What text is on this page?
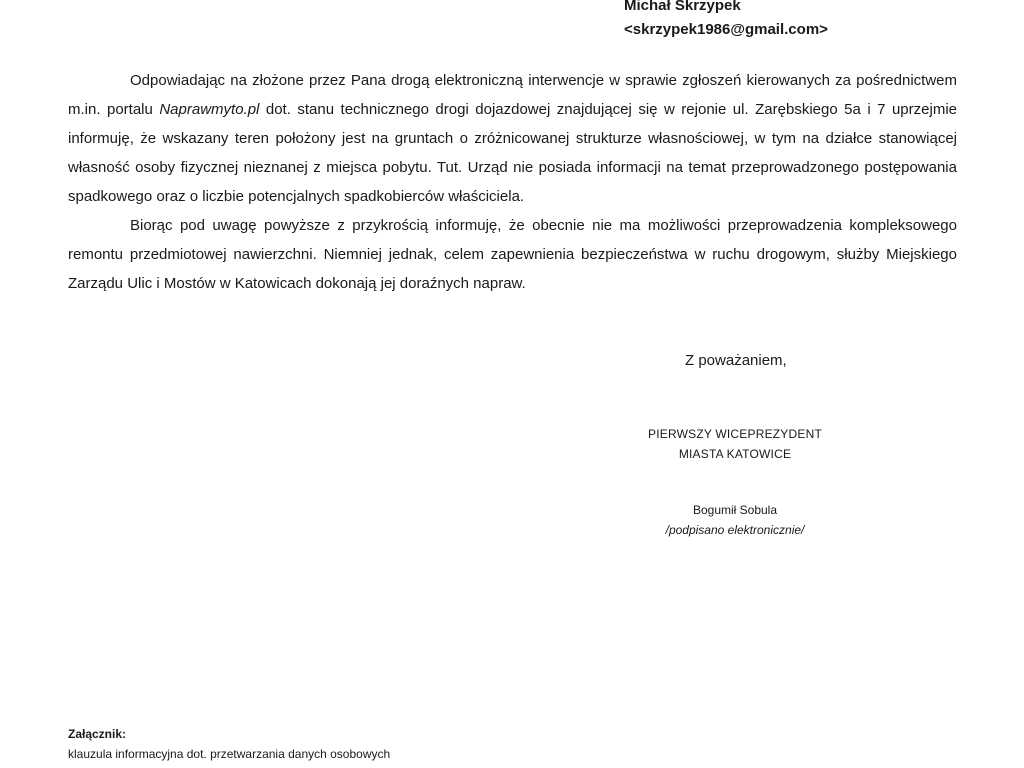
Michał Skrzypek
<skrzypek1986@gmail.com>

Odpowiadając na złożone przez Pana drogą elektroniczną interwencje w sprawie zgłoszeń kierowanych za pośrednictwem m.in. portalu Naprawmyto.pl dot. stanu technicznego drogi dojazdowej znajdującej się w rejonie ul. Zarębskiego 5a i 7 uprzejmie informuję, że wskazany teren położony jest na gruntach o zróżnicowanej strukturze własnościowej, w tym na działce stanowiącej własność osoby fizycznej nieznanej z miejsca pobytu. Tut. Urząd nie posiada informacji na temat przeprowadzonego postępowania spadkowego oraz o liczbie potencjalnych spadkobierców właściciela.

Biorąc pod uwagę powyższe z przykrością informuję, że obecnie nie ma możliwości przeprowadzenia kompleksowego remontu przedmiotowej nawierzchni. Niemniej jednak, celem zapewnienia bezpieczeństwa w ruchu drogowym, służby Miejskiego Zarządu Ulic i Mostów w Katowicach dokonają jej doraźnych napraw.

Z poważaniem,
PIERWSZY WICEPREZYDENT
MIASTA KATOWICE
Bogumił Sobula
/podpisano elektronicznie/
Załącznik:
klauzula informacyjna dot. przetwarzania danych osobowych
